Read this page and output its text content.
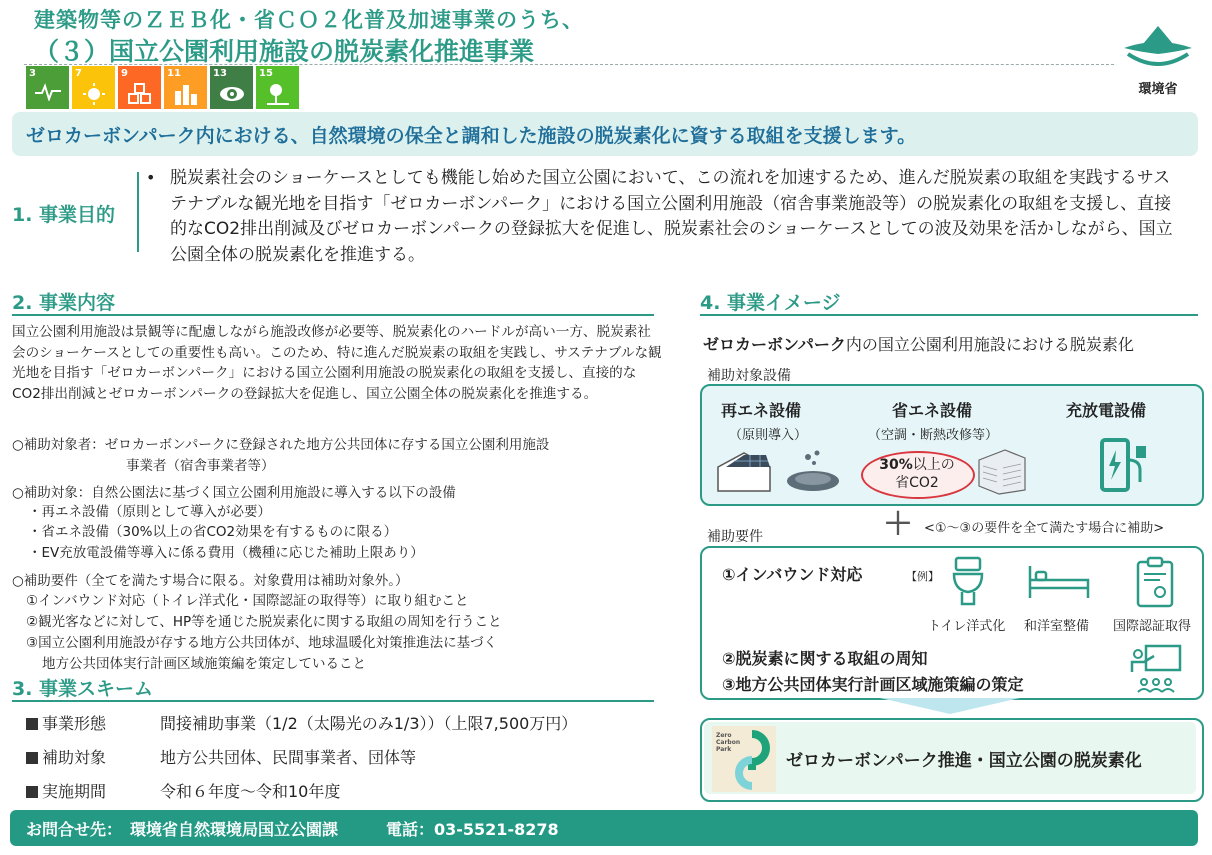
建築物等のＺＥＢ化・省ＣＯ２化普及加速事業のうち、
（３）国立公園利用施設の脱炭素化推進事業
3	7	9	11	13	15
環境省
ゼロカーボンパーク内における、自然環境の保全と調和した施設の脱炭素化に資する取組を支援します。
1. 事業目的
• 脱炭素社会のショーケースとしても機能し始めた国立公園において、この流れを加速するため、進んだ脱炭素の取組を実践するサステナブルな観光地を目指す「ゼロカーボンパーク」における国立公園利用施設（宿舎事業施設等）の脱炭素化の取組を支援し、直接的なCO2排出削減及びゼロカーボンパークの登録拡大を促進し、脱炭素社会のショーケースとしての波及効果を活かしながら、国立公園全体の脱炭素化を推進する。
2. 事業内容
国立公園利用施設は景観等に配慮しながら施設改修が必要等、脱炭素化のハードルが高い一方、脱炭素社会のショーケースとしての重要性も高い。このため、特に進んだ脱炭素の取組を実践し、サステナブルな観光地を目指す「ゼロカーボンパーク」における国立公園利用施設の脱炭素化の取組を支援し、直接的なCO2排出削減とゼロカーボンパークの登録拡大を促進し、国立公園全体の脱炭素化を推進する。
○補助対象者：ゼロカーボンパークに登録された地方公共団体に存する国立公園利用施設
事業者（宿舎事業者等）
○補助対象：自然公園法に基づく国立公園利用施設に導入する以下の設備
・再エネ設備（原則として導入が必要）
・省エネ設備（30%以上の省CO2効果を有するものに限る）
・EV充放電設備等導入に係る費用（機種に応じた補助上限あり）
○補助要件（全てを満たす場合に限る。対象費用は補助対象外。）
①インバウンド対応（トイレ洋式化・国際認証の取得等）に取り組むこと
②観光客などに対して、HP等を通じた脱炭素化に関する取組の周知を行うこと
③国立公園利用施設が存する地方公共団体が、地球温暖化対策推進法に基づく
地方公共団体実行計画区域施策編を策定していること
3. 事業スキーム
事業形態	間接補助事業（1/2（太陽光のみ1/3））（上限7,500万円）
補助対象	地方公共団体、民間事業者、団体等
実施期間	令和６年度～令和10年度
4. 事業イメージ
ゼロカーボンパーク内の国立公園利用施設における脱炭素化
補助対象設備
再エネ設備
（原則導入）
省エネ設備
（空調・断熱改修等）
30%以上の
省CO2
充放電設備
＋
補助要件
<①～③の要件を全て満たす場合に補助>
①インバウンド対応	【例】
トイレ洋式化 和洋室整備 国際認証取得
②脱炭素に関する取組の周知
③地方公共団体実行計画区域施策編の策定
Zero
Carbon
Park
ゼロカーボンパーク推進・国立公園の脱炭素化
お問合せ先：　環境省自然環境局国立公園課　　　電話：03-5521-8278
